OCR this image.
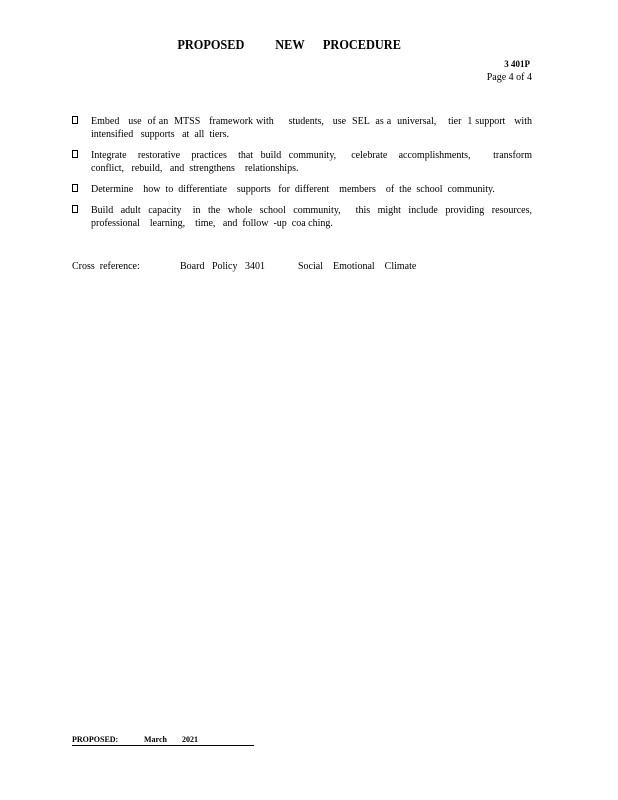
PROPOSED          NEW      PROCEDURE
3 401P
Page 4 of 4
Embed   use  of an  MTSS   framework with     students,   use  SEL  as a  universal,    tier  1 support   with intensified   supports   at  all  tiers.
Integrate   restorative   practices   that  build  community,    celebrate   accomplishments,      transform conflict,   rebuild,   and  strengthens    relationships.
Determine    how  to  differentiate    supports   for  different    members    of  the  school  community.
Build  adult  capacity   in  the  whole  school  community,    this  might  include  providing  resources, professional    learning,    time,   and  follow  -up  coa ching.
Cross  reference:	Board   Policy   3401	Social    Emotional    Climate
PROPOSED:	March 2021
